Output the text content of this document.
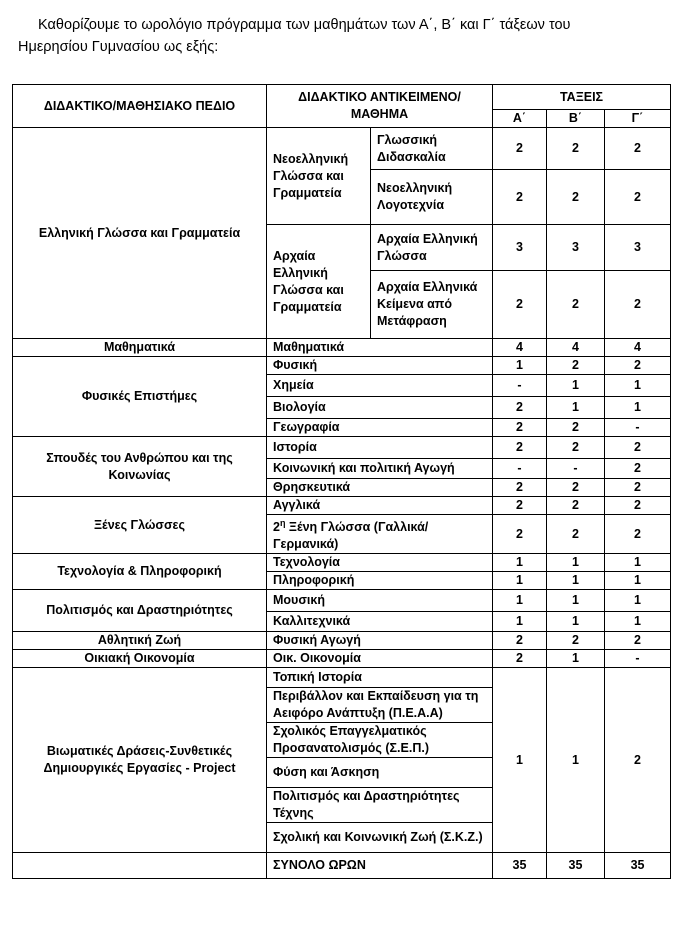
Καθορίζουμε το ωρολόγιο πρόγραμμα των μαθημάτων των Α΄, Β΄ και Γ΄ τάξεων του
Ημερησίου Γυμνασίου ως εξής:
ΔΙΔΑΚΤΙΚΟ/ΜΑΘΗΣΙΑΚΟ ΠΕΔΙΟ	ΔΙΔΑΚΤΙΚΟ ΑΝΤΙΚΕΙΜΕΝΟ/ΜΑΘΗΜΑ		ΤΑΞΕΙΣ		
			Α΄	Β΄	Γ΄
Ελληνική Γλώσσα και Γραμματεία	Νεοελληνική Γλώσσα και Γραμματεία	Γλωσσική Διδασκαλία	2	2	2
		Νεοελληνική Λογοτεχνία	2	2	2
	Αρχαία Ελληνική Γλώσσα και Γραμματεία	Αρχαία Ελληνική Γλώσσα	3	3	3
		Αρχαία Ελληνικά Κείμενα από Μετάφραση	2	2	2
Μαθηματικά	Μαθηματικά		4	4	4
Φυσικές Επιστήμες	Φυσική		1	2	2
	Χημεία		-	1	1
	Βιολογία		2	1	1
	Γεωγραφία		2	2	-
Σπουδές του Ανθρώπου και της Κοινωνίας	Ιστορία		2	2	2
	Κοινωνική και πολιτική Αγωγή		-	-	2
	Θρησκευτικά		2	2	2
Ξένες Γλώσσες	Αγγλικά		2	2	2
	$2^\eta$ Ξένη Γλώσσα (Γαλλικά/Γερμανικά)		2	2	2
Τεχνολογία & Πληροφορική	Τεχνολογία		1	1	1
	Πληροφορική		1	1	1
Πολιτισμός και Δραστηριότητες	Μουσική		1	1	1
	Καλλιτεχνικά		1	1	1
Αθλητική Ζωή	Φυσική Αγωγή		2	2	2
Οικιακή Οικονομία	Οικ. Οικονομία		2	1	-
Βιωματικές Δράσεις-Συνθετικές Δημιουργικές Εργασίες - Project	Τοπική Ιστορία		1	1	2
	Περιβάλλον και Εκπαίδευση για τη Αειφόρο Ανάπτυξη (Π.Ε.Α.Α)				
	Σχολικός Επαγγελματικός Προσανατολισμός (Σ.Ε.Π.)				
	Φύση και Άσκηση				
	Πολιτισμός και Δραστηριότητες Τέχνης				
	Σχολική και Κοινωνική Ζωή (Σ.Κ.Ζ.)				
	ΣΥΝΟΛΟ ΩΡΩΝ		35	35	35
